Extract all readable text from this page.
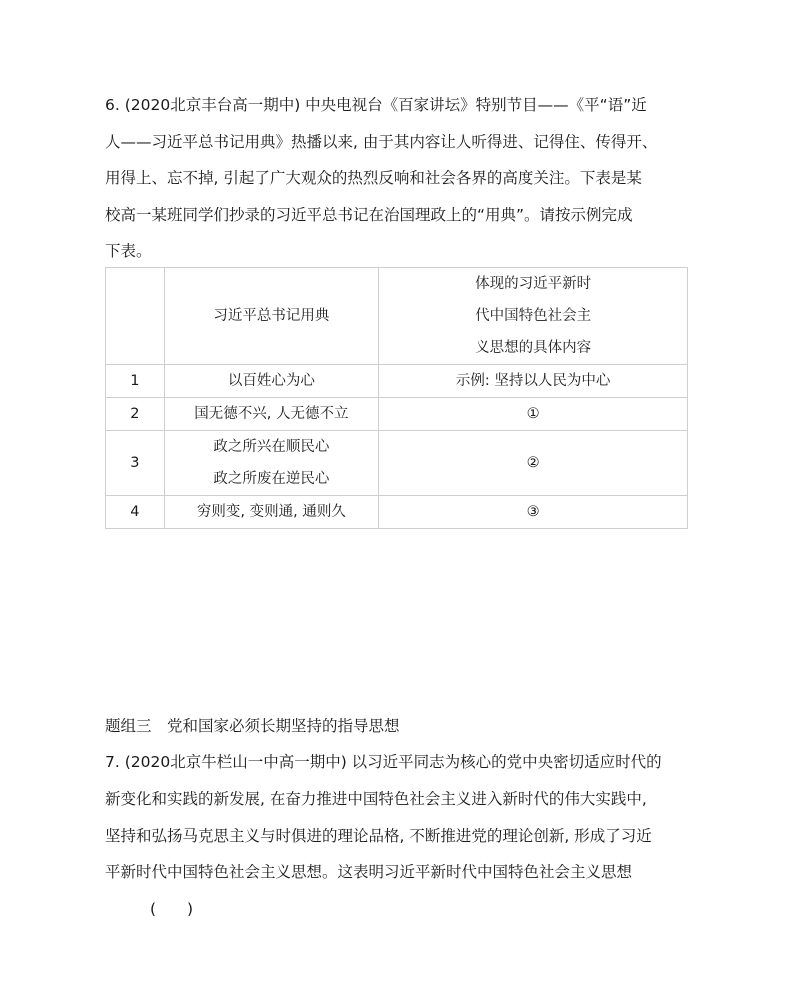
6. (2020北京丰台高一期中) 中央电视台《百家讲坛》特别节目——《平“语”近
人——习近平总书记用典》热播以来, 由于其内容让人听得进、记得住、传得开、
用得上、忘不掉, 引起了广大观众的热烈反响和社会各界的高度关注。下表是某
校高一某班同学们抄录的习近平总书记在治国理政上的“用典”。请按示例完成
下表。
	习近平总书记用典	体现的习近平新时
代中国特色社会主
义思想的具体内容

1	以百姓心为心	示例: 坚持以人民为中心
2	国无德不兴, 人无德不立	①
3	政之所兴在顺民心
政之所废在逆民心	②
4	穷则变, 变则通, 通则久	③
题组三　党和国家必须长期坚持的指导思想
7. (2020北京牛栏山一中高一期中) 以习近平同志为核心的党中央密切适应时代的
新变化和实践的新发展, 在奋力推进中国特色社会主义进入新时代的伟大实践中,
坚持和弘扬马克思主义与时俱进的理论品格, 不断推进党的理论创新, 形成了习近
平新时代中国特色社会主义思想。这表明习近平新时代中国特色社会主义思想
(　　)
